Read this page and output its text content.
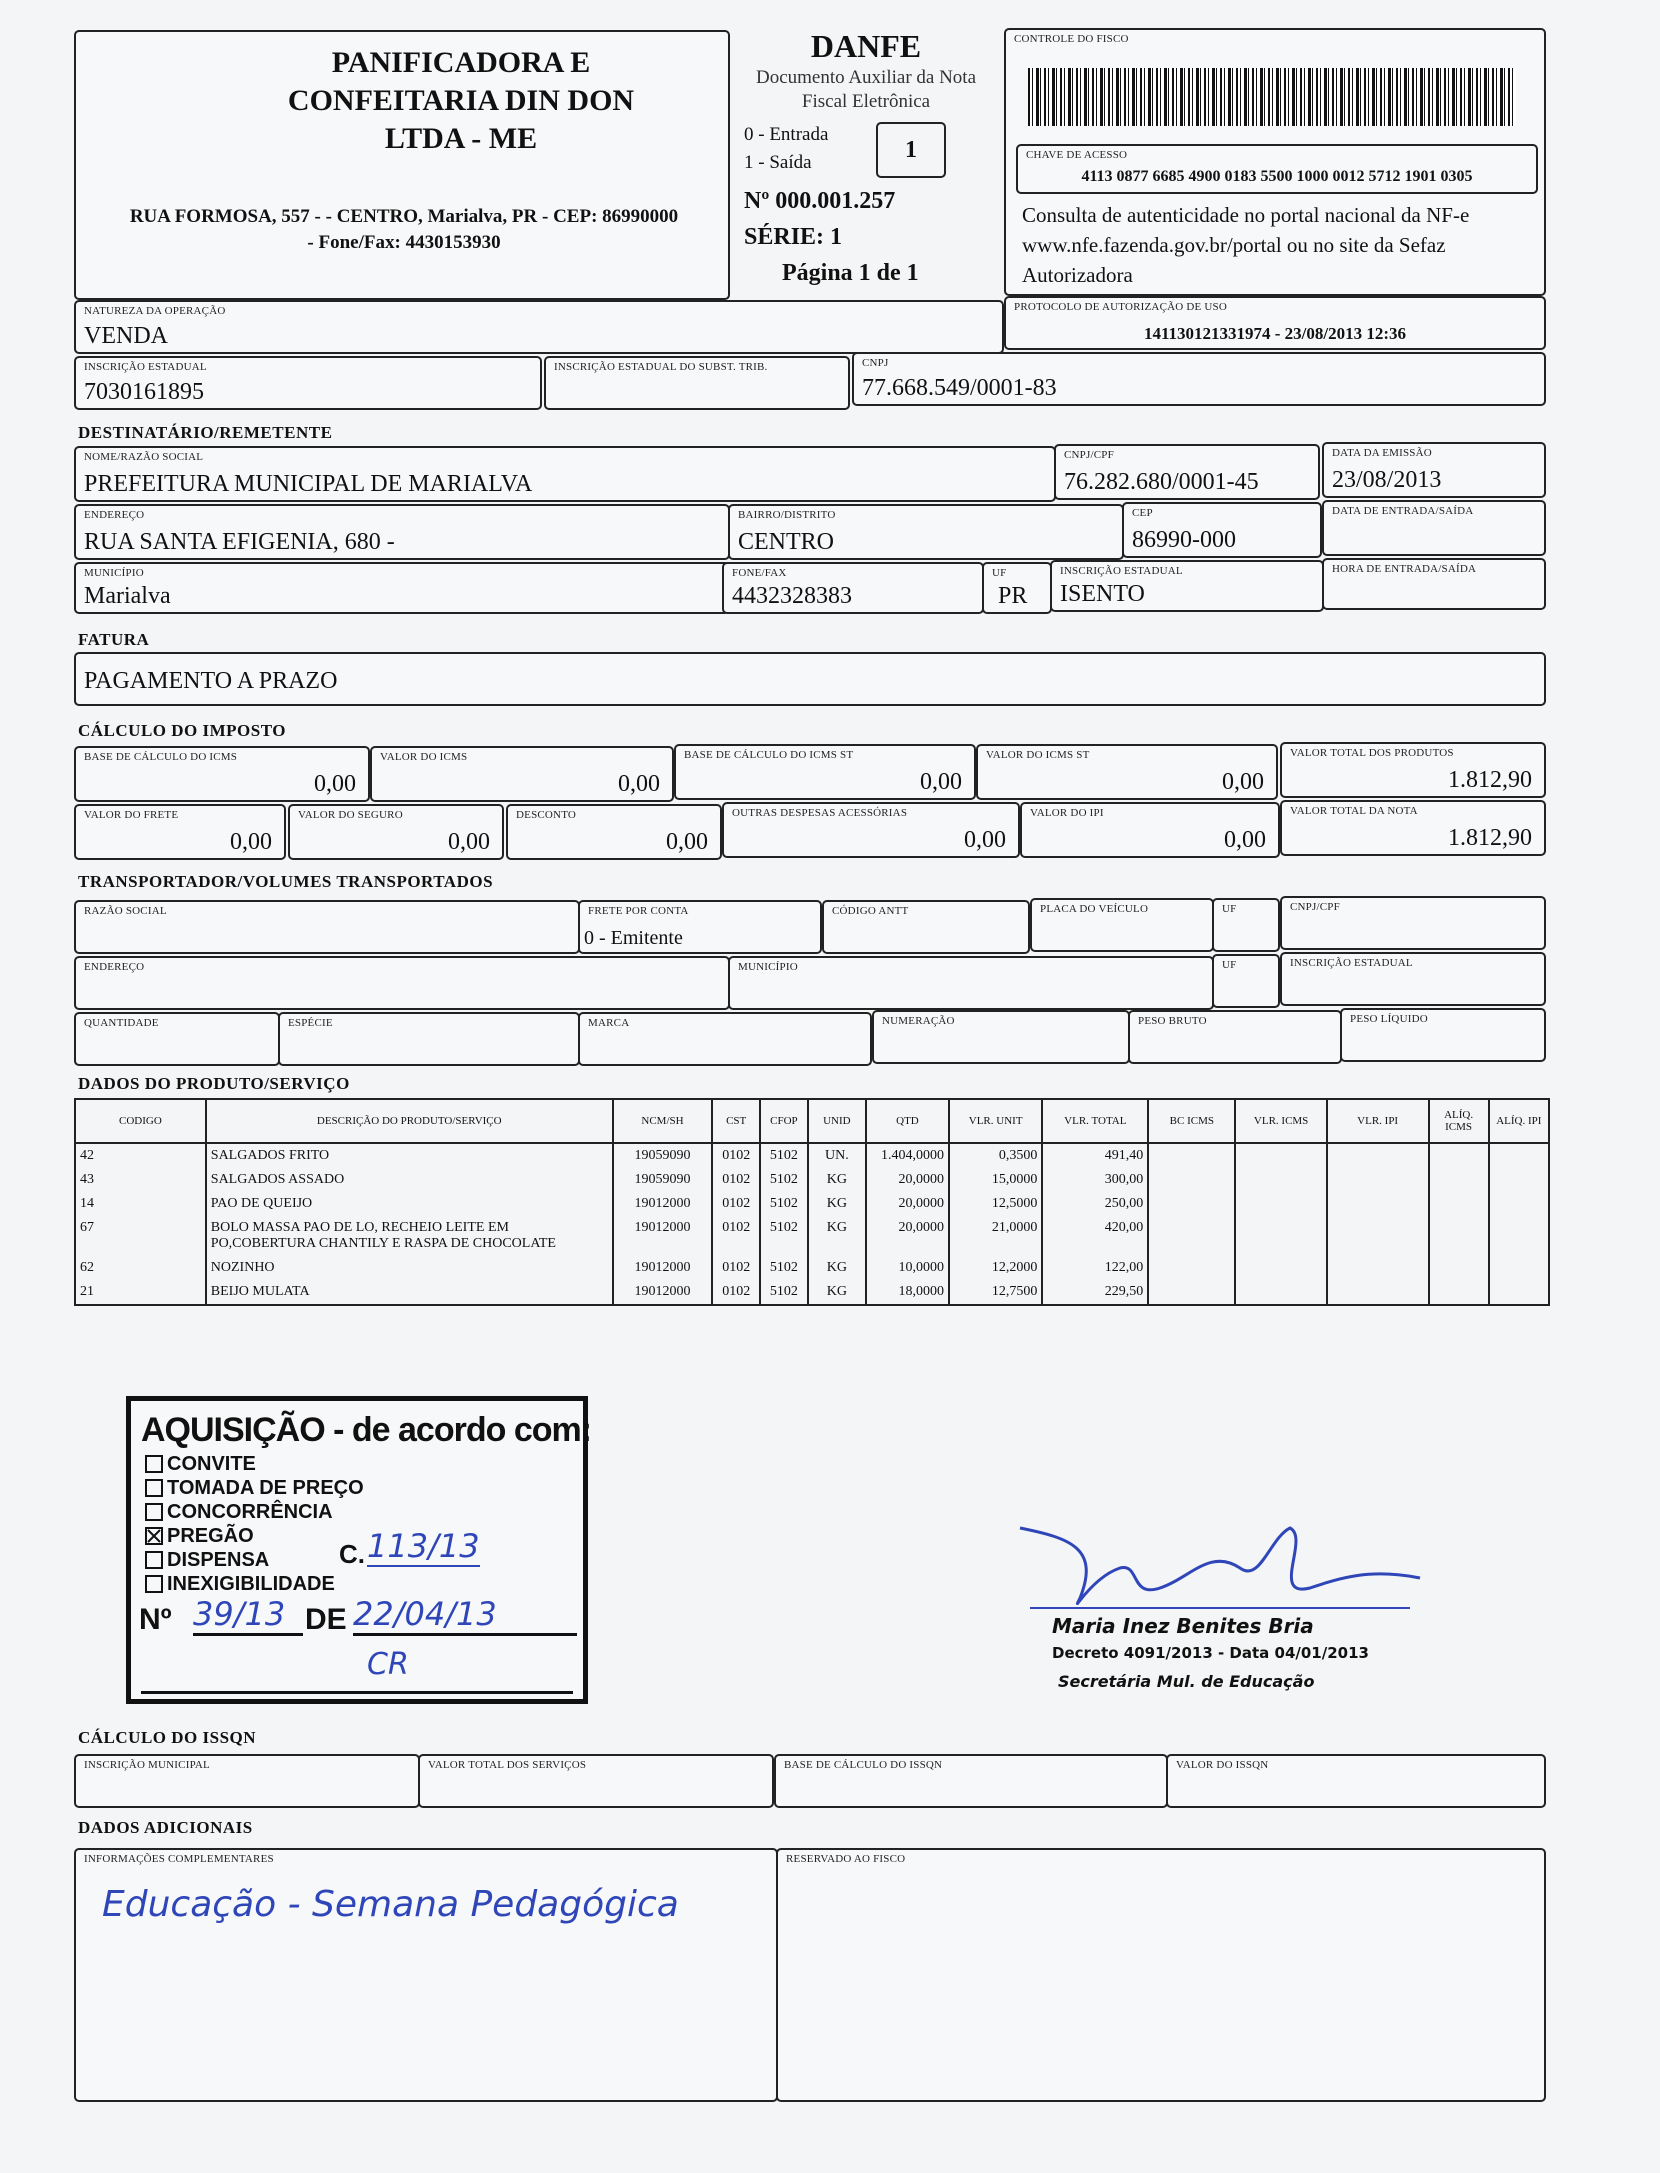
PANIFICADORA E CONFEITARIA DIN DON LTDA - ME
RUA FORMOSA, 557 - - CENTRO, Marialva, PR - CEP: 86990000
- Fone/Fax: 4430153930
DANFE
Documento Auxiliar da Nota Fiscal Eletrônica
0 - Entrada
1 - Saída	1
Nº 000.001.257
SÉRIE: 1
Página 1 de 1
CONTROLE DO FISCO
CHAVE DE ACESSO
4113 0877 6685 4900 0183 5500 1000 0012 5712 1901 0305
Consulta de autenticidade no portal nacional da NF-e www.nfe.fazenda.gov.br/portal ou no site da Sefaz Autorizadora
NATUREZA DA OPERAÇÃO
VENDA
PROTOCOLO DE AUTORIZAÇÃO DE USO
141130121331974 - 23/08/2013 12:36
INSCRIÇÃO ESTADUAL
7030161895
INSCRIÇÃO ESTADUAL DO SUBST. TRIB.	CNPJ
77.668.549/0001-83
DESTINATÁRIO/REMETENTE
NOME/RAZÃO SOCIAL
PREFEITURA MUNICIPAL DE MARIALVA
CNPJ/CPF
76.282.680/0001-45
DATA DA EMISSÃO
23/08/2013
ENDEREÇO
RUA SANTA EFIGENIA, 680 -
BAIRRO/DISTRITO
CENTRO
CEP
86990-000
DATA DE ENTRADA/SAÍDA
MUNICÍPIO
Marialva
FONE/FAX
4432328383
UF
PR
INSCRIÇÃO ESTADUAL
ISENTO
HORA DE ENTRADA/SAÍDA
FATURA
PAGAMENTO A PRAZO
CÁLCULO DO IMPOSTO
BASE DE CÁLCULO DO ICMS
0,00
VALOR DO ICMS
0,00
BASE DE CÁLCULO DO ICMS ST
0,00
VALOR DO ICMS ST
0,00
VALOR TOTAL DOS PRODUTOS
1.812,90
VALOR DO FRETE
0,00
VALOR DO SEGURO
0,00
DESCONTO
0,00
OUTRAS DESPESAS ACESSÓRIAS
0,00
VALOR DO IPI
0,00
VALOR TOTAL DA NOTA
1.812,90
TRANSPORTADOR/VOLUMES TRANSPORTADOS
RAZÃO SOCIAL	FRETE POR CONTA
0 - Emitente
CÓDIGO ANTT	PLACA DO VEÍCULO	UF	CNPJ/CPF
ENDEREÇO	MUNICÍPIO	UF	INSCRIÇÃO ESTADUAL
QUANTIDADE	ESPÉCIE	MARCA	NUMERAÇÃO	PESO BRUTO	PESO LÍQUIDO
DADOS DO PRODUTO/SERVIÇO
CODIGO	DESCRIÇÃO DO PRODUTO/SERVIÇO	NCM/SH	CST	CFOP	UNID	QTD	VLR. UNIT	VLR. TOTAL	BC ICMS	VLR. ICMS	VLR. IPI	ALÍQ. ICMS	ALÍQ. IPI
42	SALGADOS FRITO	19059090	0102	5102	UN.	1.404,0000	0,3500	491,40					
43	SALGADOS ASSADO	19059090	0102	5102	KG	20,0000	15,0000	300,00					
14	PAO DE QUEIJO	19012000	0102	5102	KG	20,0000	12,5000	250,00					
67	BOLO MASSA PAO DE LO, RECHEIO LEITE EM PO,COBERTURA CHANTILY E RASPA DE CHOCOLATE	19012000	0102	5102	KG	20,0000	21,0000	420,00					
62	NOZINHO	19012000	0102	5102	KG	10,0000	12,2000	122,00					
21	BEIJO MULATA	19012000	0102	5102	KG	18,0000	12,7500	229,50					
AQUISIÇÃO - de acordo com:
CONVITE
TOMADA DE PREÇO
CONCORRÊNCIA
PREGÃO
DISPENSA
INEXIGIBILIDADE
C. 113/13
Nº 39/13 DE 22/04/13
CR
Maria Inez Benites Bria
Decreto 4091/2013 - Data 04/01/2013
Secretária Mul. de Educação
CÁLCULO DO ISSQN
INSCRIÇÃO MUNICIPAL	VALOR TOTAL DOS SERVIÇOS	BASE DE CÁLCULO DO ISSQN	VALOR DO ISSQN
DADOS ADICIONAIS
INFORMAÇÕES COMPLEMENTARES
Educação - Semana Pedagógica
RESERVADO AO FISCO
